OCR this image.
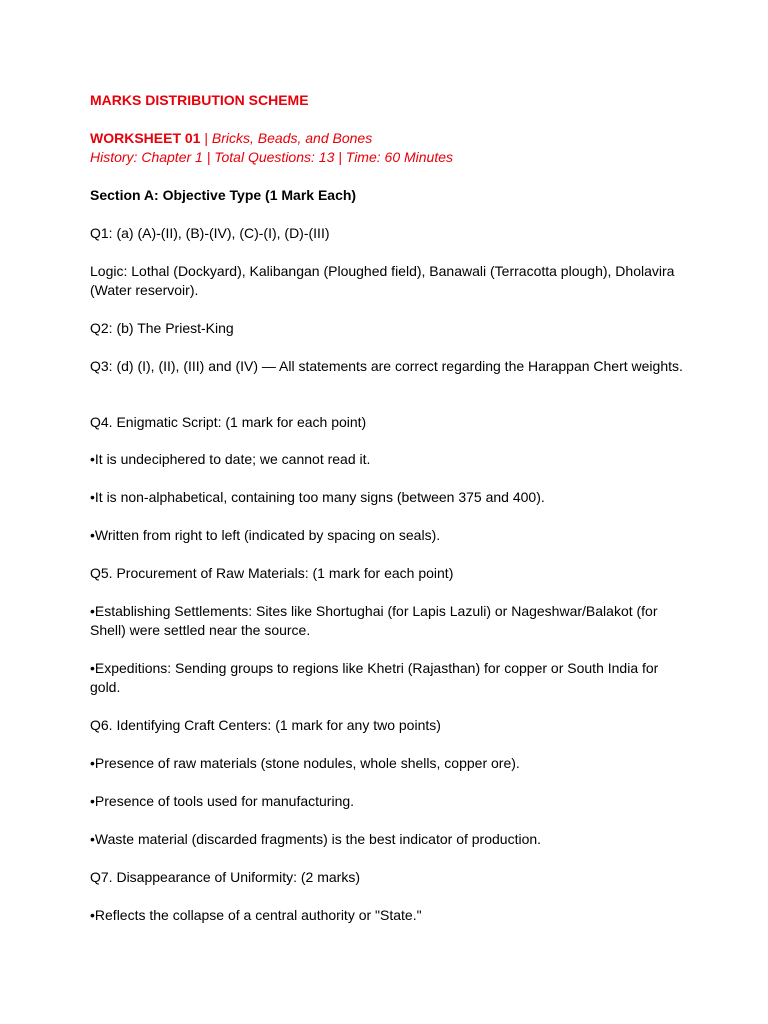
MARKS DISTRIBUTION SCHEME

WORKSHEET 01 | Bricks, Beads, and Bones

History: Chapter 1 | Total Questions: 13 | Time: 60 Minutes

Section A: Objective Type (1 Mark Each)

Q1: (a) (A)-(II), (B)-(IV), (C)-(I), (D)-(III)

Logic: Lothal (Dockyard), Kalibangan (Ploughed field), Banawali (Terracotta plough), Dholavira (Water reservoir).

Q2: (b) The Priest-King

Q3: (d) (I), (II), (III) and (IV) — All statements are correct regarding the Harappan Chert weights.

Q4. Enigmatic Script: (1 mark for each point)

•It is undeciphered to date; we cannot read it.

•It is non-alphabetical, containing too many signs (between 375 and 400).

•Written from right to left (indicated by spacing on seals).

Q5. Procurement of Raw Materials: (1 mark for each point)

•Establishing Settlements: Sites like Shortughai (for Lapis Lazuli) or Nageshwar/Balakot (for Shell) were settled near the source.

•Expeditions: Sending groups to regions like Khetri (Rajasthan) for copper or South India for gold.

Q6. Identifying Craft Centers: (1 mark for any two points)

•Presence of raw materials (stone nodules, whole shells, copper ore).

•Presence of tools used for manufacturing.

•Waste material (discarded fragments) is the best indicator of production.

Q7. Disappearance of Uniformity: (2 marks)

•Reflects the collapse of a central authority or "State."
